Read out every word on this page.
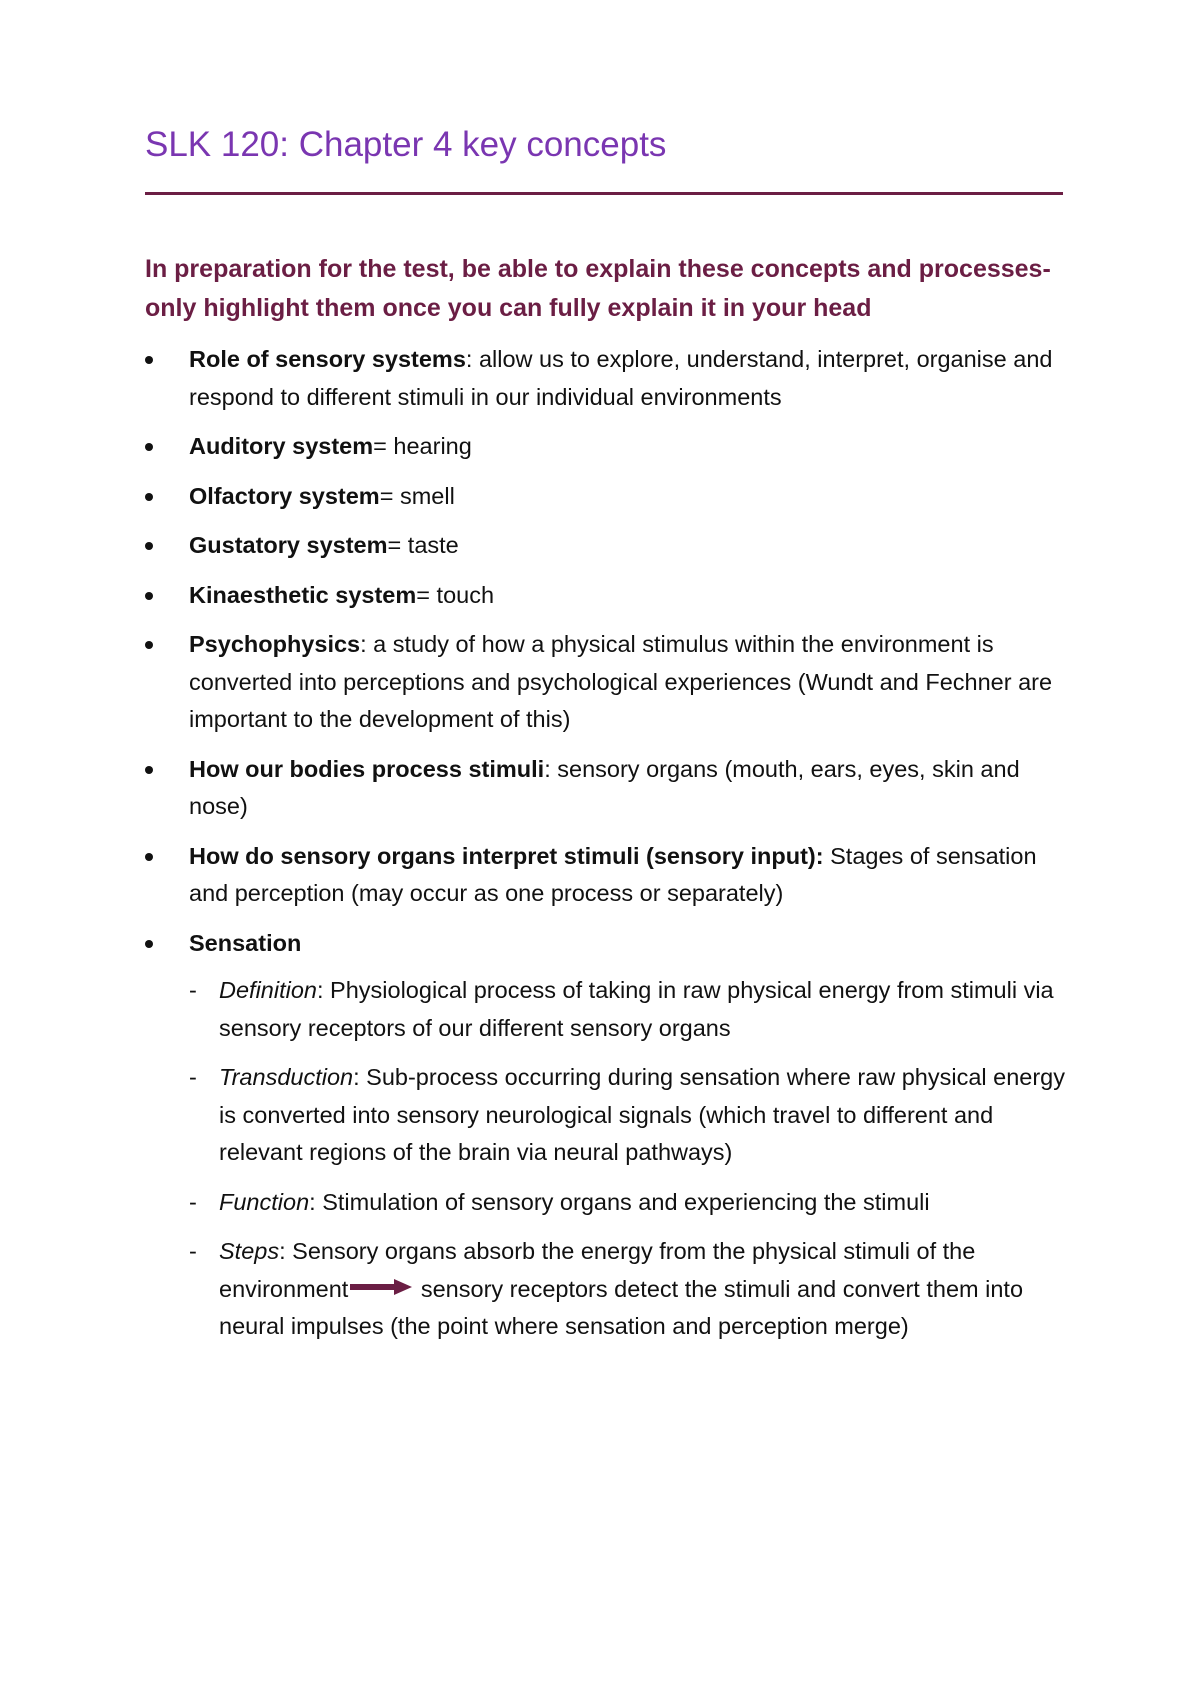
SLK 120: Chapter 4 key concepts

In preparation for the test, be able to explain these concepts and processes- only highlight them once you can fully explain it in your head

Role of sensory systems: allow us to explore, understand, interpret, organise and respond to different stimuli in our individual environments
Auditory system= hearing
Olfactory system= smell
Gustatory system= taste
Kinaesthetic system= touch
Psychophysics: a study of how a physical stimulus within the environment is converted into perceptions and psychological experiences (Wundt and Fechner are important to the development of this)
How our bodies process stimuli: sensory organs (mouth, ears, eyes, skin and nose)
How do sensory organs interpret stimuli (sensory input): Stages of sensation and perception (may occur as one process or separately)
Sensation
- Definition: Physiological process of taking in raw physical energy from stimuli via sensory receptors of our different sensory organs
- Transduction: Sub-process occurring during sensation where raw physical energy is converted into sensory neurological signals (which travel to different and relevant regions of the brain via neural pathways)
- Function: Stimulation of sensory organs and experiencing the stimuli
- Steps: Sensory organs absorb the energy from the physical stimuli of the environment	sensory receptors detect the stimuli and convert them into neural impulses (the point where sensation and perception merge)
